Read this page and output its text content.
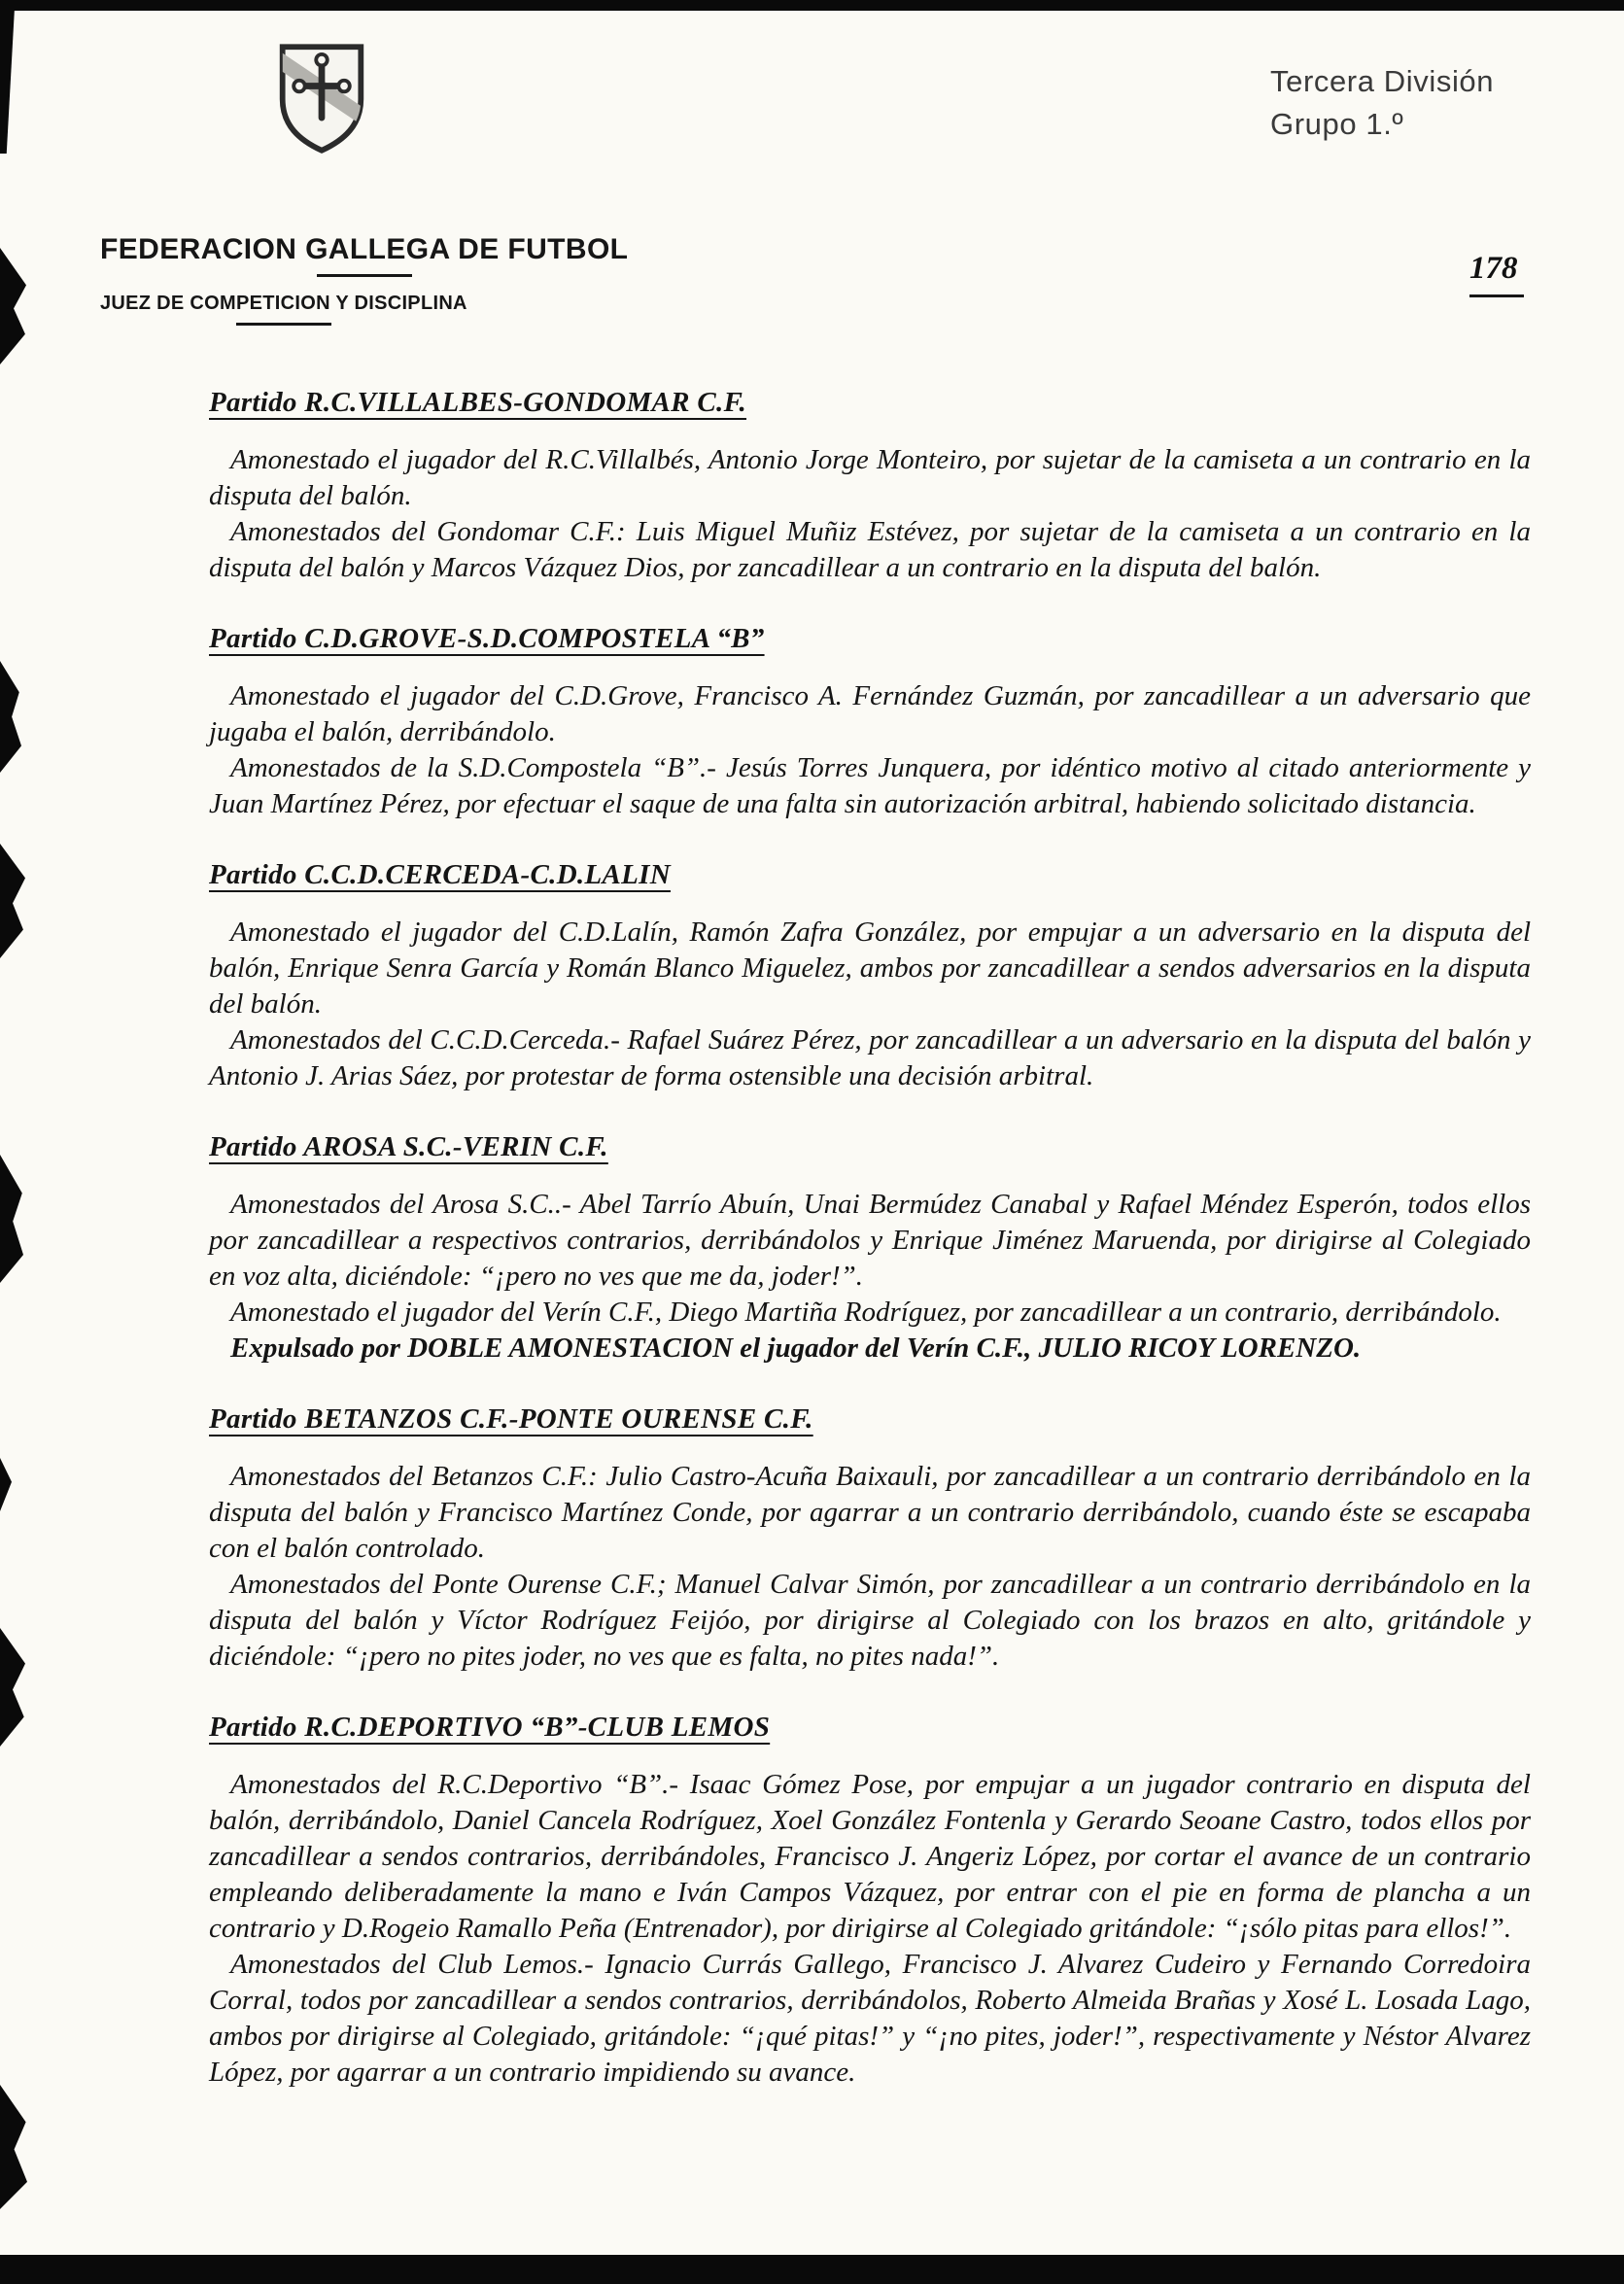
Tercera División
Grupo 1.º
FEDERACION GALLEGA DE FUTBOL
JUEZ DE COMPETICION Y DISCIPLINA
178
Partido R.C.VILLALBES-GONDOMAR C.F.

Amonestado el jugador del R.C.Villalbés, Antonio Jorge Monteiro, por sujetar de la camiseta a un contrario en la disputa del balón.

Amonestados del Gondomar C.F.: Luis Miguel Muñiz Estévez, por sujetar de la camiseta a un contrario en la disputa del balón y Marcos Vázquez Dios, por zancadillear a un contrario en la disputa del balón.

Partido C.D.GROVE-S.D.COMPOSTELA “B”

Amonestado el jugador del C.D.Grove, Francisco A. Fernández Guzmán, por zancadillear a un adversario que jugaba el balón, derribándolo.

Amonestados de la S.D.Compostela “B”.- Jesús Torres Junquera, por idéntico motivo al citado anteriormente y Juan Martínez Pérez, por efectuar el saque de una falta sin autorización arbitral, habiendo solicitado distancia.

Partido C.C.D.CERCEDA-C.D.LALIN

Amonestado el jugador del C.D.Lalín, Ramón Zafra González, por empujar a un adversario en la disputa del balón, Enrique Senra García y Román Blanco Miguelez, ambos por zancadillear a sendos adversarios en la disputa del balón.

Amonestados del C.C.D.Cerceda.- Rafael Suárez Pérez, por zancadillear a un adversario en la disputa del balón y Antonio J. Arias Sáez, por protestar de forma ostensible una decisión arbitral.

Partido AROSA S.C.-VERIN C.F.

Amonestados del Arosa S.C..- Abel Tarrío Abuín, Unai Bermúdez Canabal y Rafael Méndez Esperón, todos ellos por zancadillear a respectivos contrarios, derribándolos y Enrique Jiménez Maruenda, por dirigirse al Colegiado en voz alta, diciéndole: “¡pero no ves que me da, joder!”.

Amonestado el jugador del Verín C.F., Diego Martiña Rodríguez, por zancadillear a un contrario, derribándolo.

Expulsado por DOBLE AMONESTACION el jugador del Verín C.F., JULIO RICOY LORENZO.

Partido BETANZOS C.F.-PONTE OURENSE C.F.

Amonestados del Betanzos C.F.: Julio Castro-Acuña Baixauli, por zancadillear a un contrario derribándolo en la disputa del balón y Francisco Martínez Conde, por agarrar a un contrario derribándolo, cuando éste se escapaba con el balón controlado.

Amonestados del Ponte Ourense C.F.; Manuel Calvar Simón, por zancadillear a un contrario derribándolo en la disputa del balón y Víctor Rodríguez Feijóo, por dirigirse al Colegiado con los brazos en alto, gritándole y diciéndole: “¡pero no pites joder, no ves que es falta, no pites nada!”.

Partido R.C.DEPORTIVO “B”-CLUB LEMOS

Amonestados del R.C.Deportivo “B”.- Isaac Gómez Pose, por empujar a un jugador contrario en disputa del balón, derribándolo, Daniel Cancela Rodríguez, Xoel González Fontenla y Gerardo Seoane Castro, todos ellos por zancadillear a sendos contrarios, derribándoles, Francisco J. Angeriz López, por cortar el avance de un contrario empleando deliberadamente la mano e Iván Campos Vázquez, por entrar con el pie en forma de plancha a un contrario y D.Rogeio Ramallo Peña (Entrenador), por dirigirse al Colegiado gritándole: “¡sólo pitas para ellos!”.

Amonestados del Club Lemos.- Ignacio Currás Gallego, Francisco J. Alvarez Cudeiro y Fernando Corredoira Corral, todos por zancadillear a sendos contrarios, derribándolos, Roberto Almeida Brañas y Xosé L. Losada Lago, ambos por dirigirse al Colegiado, gritándole: “¡qué pitas!” y “¡no pites, joder!”, respectivamente y Néstor Alvarez López, por agarrar a un contrario impidiendo su avance.
